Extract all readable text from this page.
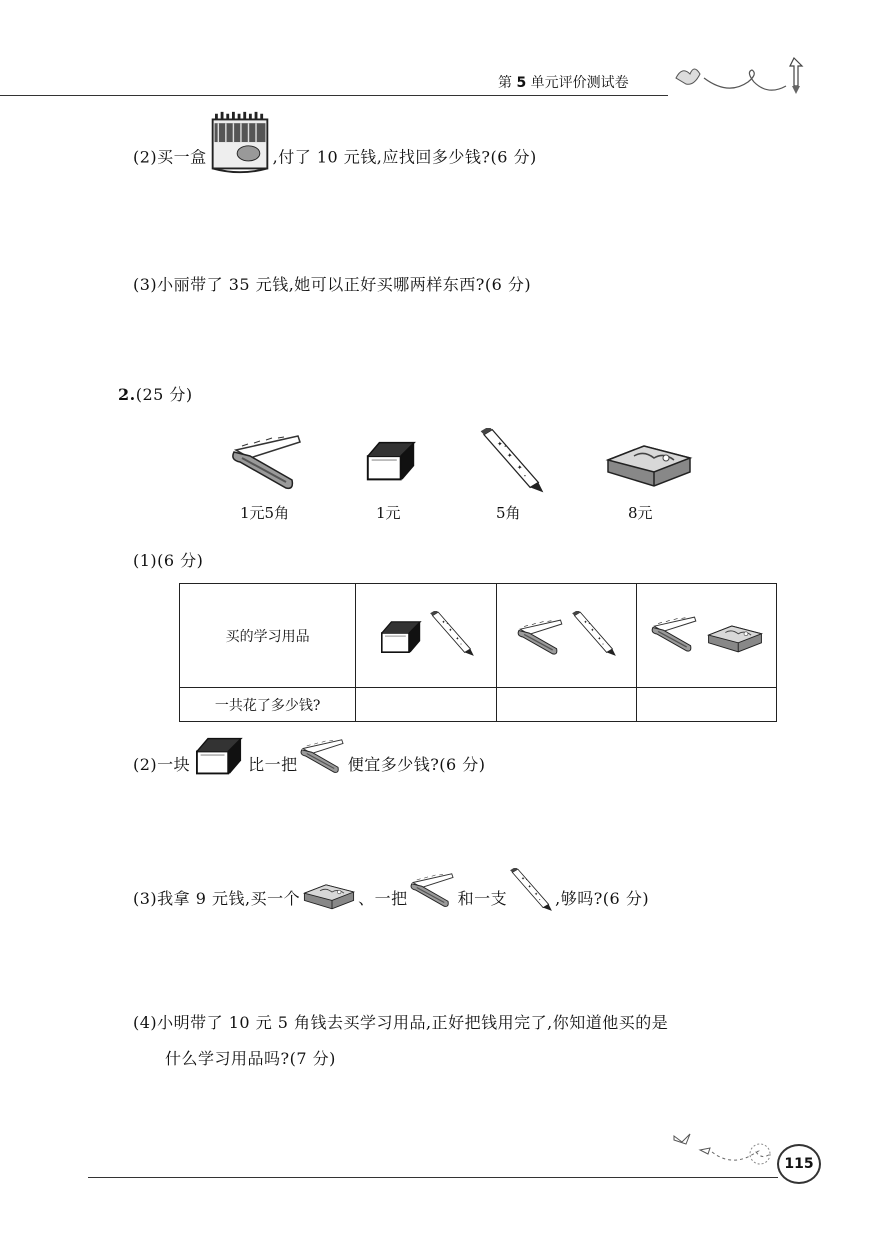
第 5 单元评价测试卷
(2)买一盒	,付了 10 元钱,应找回多少钱?(6 分)
(3)小丽带了 35 元钱,她可以正好买哪两样东西?(6 分)
2.(25 分)
1元5角	1元	5角	8元
(1)(6 分)
买的学习用品			
一共花了多少钱?			
(2)一块	比一把	便宜多少钱?(6 分)
(3)我拿 9 元钱,买一个	、一把	和一支	,够吗?(6 分)
(4)小明带了 10 元 5 角钱去买学习用品,正好把钱用完了,你知道他买的是
什么学习用品吗?(7 分)
115
